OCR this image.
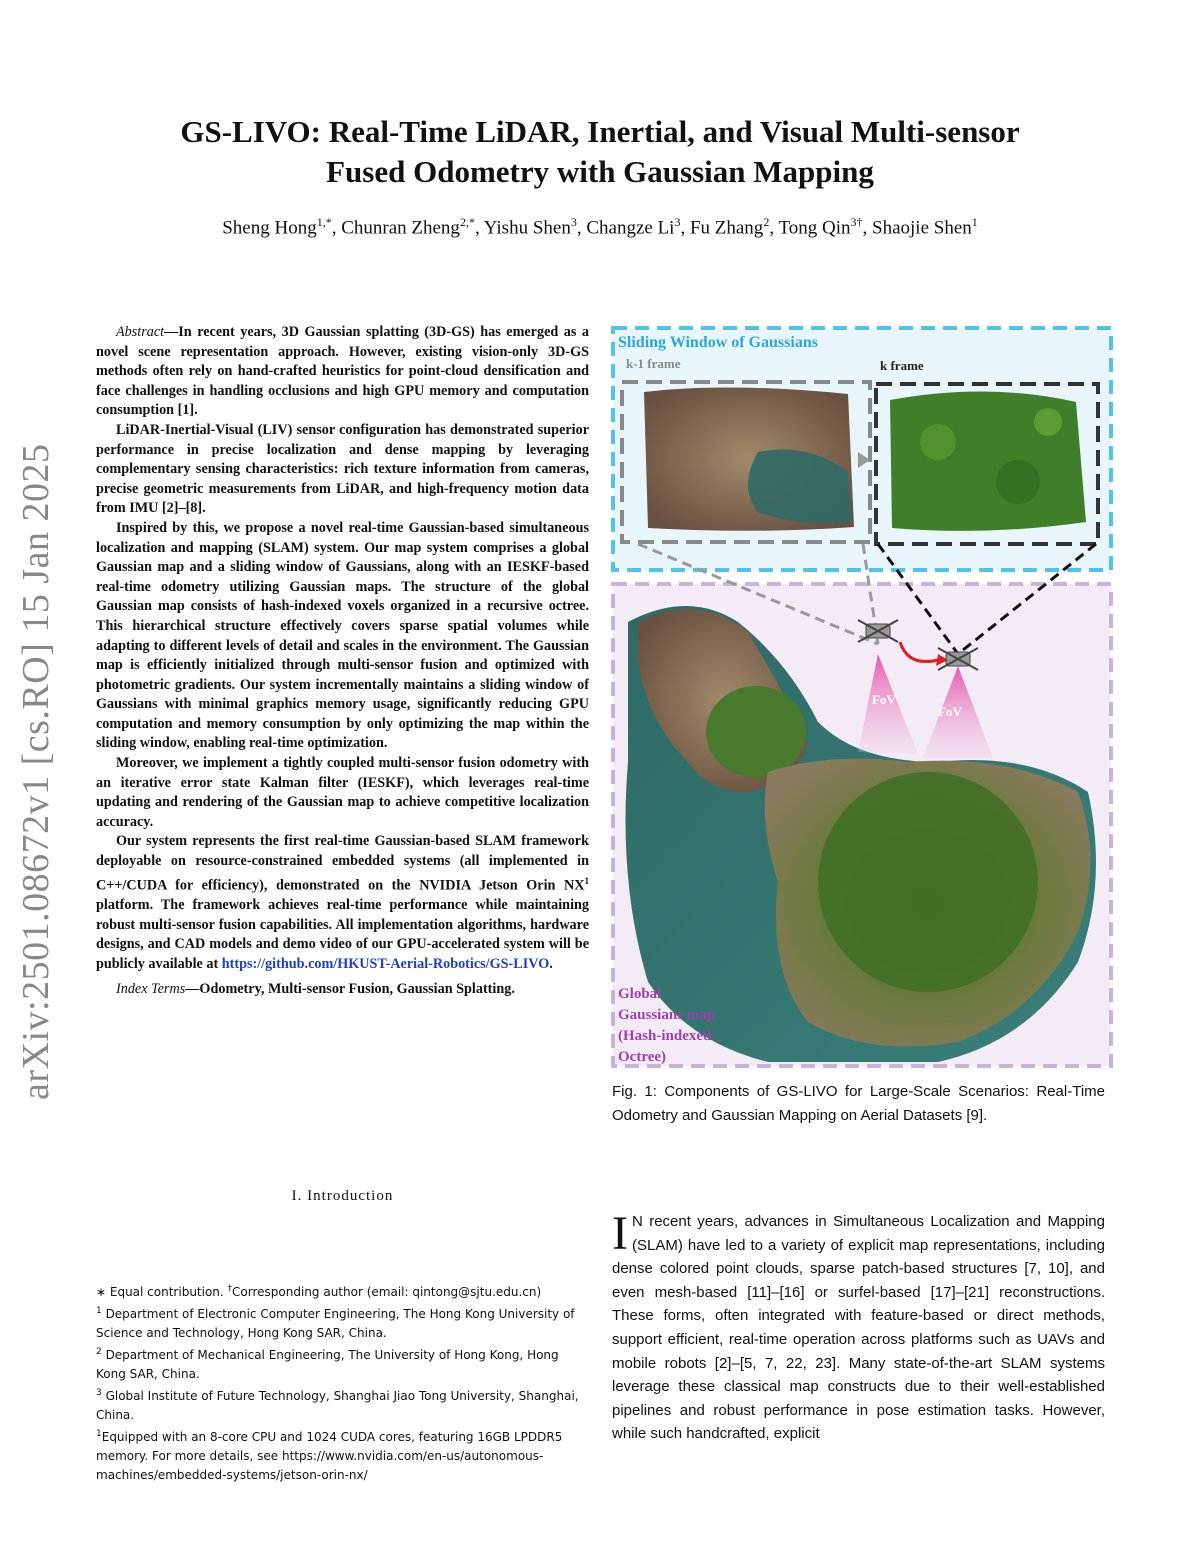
GS-LIVO: Real-Time LiDAR, Inertial, and Visual Multi-sensor
Fused Odometry with Gaussian Mapping
Sheng Hong$^{1,*}$, Chunran Zheng$^{2,*}$, Yishu Shen$^3$, Changze Li$^3$, Fu Zhang$^2$, Tong Qin$^{3\dagger}$, Shaojie Shen$^1$
arXiv:2501.08672v1 [cs.RO] 15 Jan 2025

Abstract—In recent years, 3D Gaussian splatting (3D-GS) has emerged as a novel scene representation approach. However, existing vision-only 3D-GS methods often rely on hand-crafted heuristics for point-cloud densification and face challenges in handling occlusions and high GPU memory and computation consumption [1].

LiDAR-Inertial-Visual (LIV) sensor configuration has demonstrated superior performance in precise localization and dense mapping by leveraging complementary sensing characteristics: rich texture information from cameras, precise geometric measurements from LiDAR, and high-frequency motion data from IMU [2]–[8].

Inspired by this, we propose a novel real-time Gaussian-based simultaneous localization and mapping (SLAM) system. Our map system comprises a global Gaussian map and a sliding window of Gaussians, along with an IESKF-based real-time odometry utilizing Gaussian maps. The structure of the global Gaussian map consists of hash-indexed voxels organized in a recursive octree. This hierarchical structure effectively covers sparse spatial volumes while adapting to different levels of detail and scales in the environment. The Gaussian map is efficiently initialized through multi-sensor fusion and optimized with photometric gradients. Our system incrementally maintains a sliding window of Gaussians with minimal graphics memory usage, significantly reducing GPU computation and memory consumption by only optimizing the map within the sliding window, enabling real-time optimization.

Moreover, we implement a tightly coupled multi-sensor fusion odometry with an iterative error state Kalman filter (IESKF), which leverages real-time updating and rendering of the Gaussian map to achieve competitive localization accuracy.

Our system represents the first real-time Gaussian-based SLAM framework deployable on resource-constrained embedded systems (all implemented in C++/CUDA for efficiency), demonstrated on the NVIDIA Jetson Orin $NX^1$ platform. The framework achieves real-time performance while maintaining robust multi-sensor fusion capabilities. All implementation algorithms, hardware designs, and CAD models and demo video of our GPU-accelerated system will be publicly available at https://github.com/HKUST-Aerial-Robotics/GS-LIVO.

Index Terms—Odometry, Multi-sensor Fusion, Gaussian Splatting.

I. Introduction

∗ Equal contribution. †Corresponding author (email: qintong@sjtu.edu.cn)

$^1$ Department of Electronic Computer Engineering, The Hong Kong University of Science and Technology, Hong Kong SAR, China.

$^2$ Department of Mechanical Engineering, The University of Hong Kong, Hong Kong SAR, China.

$^3$ Global Institute of Future Technology, Shanghai Jiao Tong University, Shanghai, China.

$^1$Equipped with an 8-core CPU and 1024 CUDA cores, featuring 16GB LPDDR5 memory. For more details, see https://www.nvidia.com/en-us/autonomous-machines/embedded-systems/jetson-orin-nx/

Sliding Window of Gaussians
k-1 frame	k frame
FoV
FoV
Global
Gaussians map
(Hash-indexed
Octree)
Fig. 1: Components of GS-LIVO for Large-Scale Scenarios: Real-Time Odometry and Gaussian Mapping on Aerial Datasets [9].
I N recent years, advances in Simultaneous Localization and Mapping (SLAM) have led to a variety of explicit map representations, including dense colored point clouds, sparse patch-based structures [7, 10], and even mesh-based [11]–[16] or surfel-based [17]–[21] reconstructions. These forms, often integrated with feature-based or direct methods, support efficient, real-time operation across platforms such as UAVs and mobile robots [2]–[5, 7, 22, 23]. Many state-of-the-art SLAM systems leverage these classical map constructs due to their well-established pipelines and robust performance in pose estimation tasks. However, while such handcrafted, explicit
